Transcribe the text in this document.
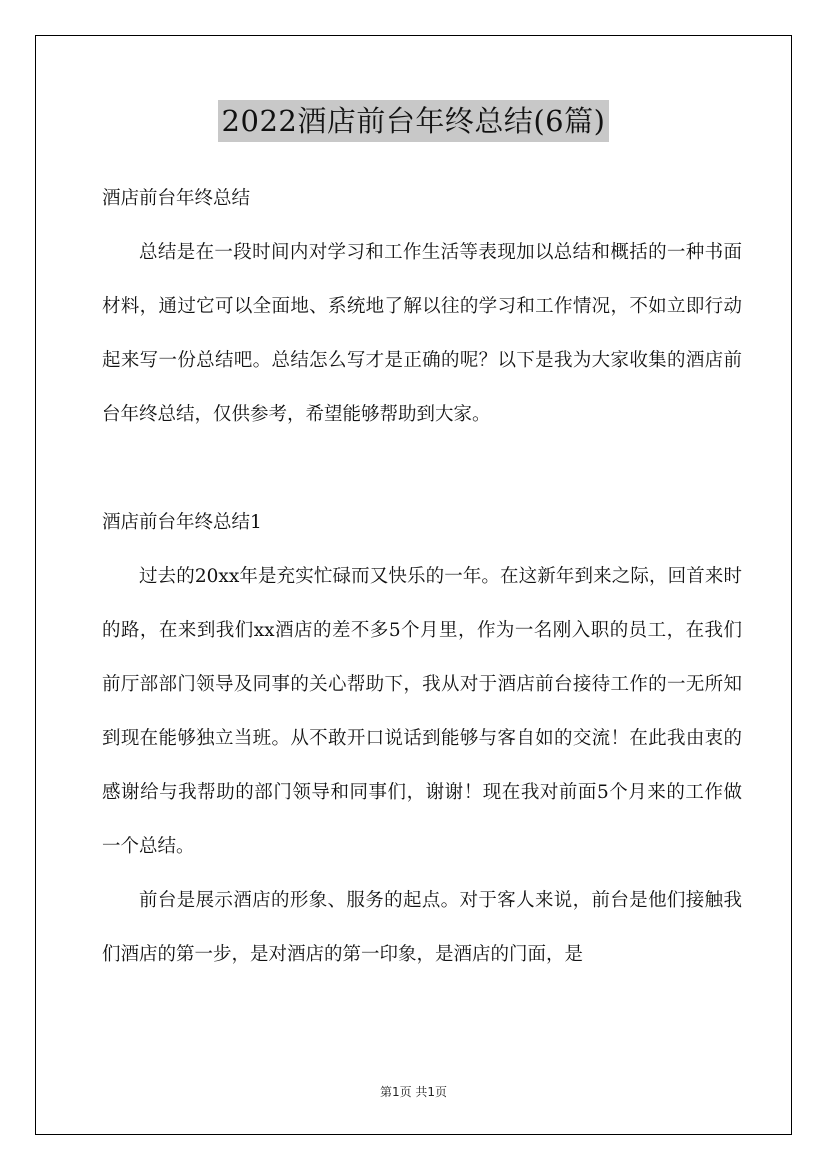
2022酒店前台年终总结(6篇)

酒店前台年终总结

总结是在一段时间内对学习和工作生活等表现加以总结和概括的一种书面材料，通过它可以全面地、系统地了解以往的学习和工作情况，不如立即行动起来写一份总结吧。总结怎么写才是正确的呢？以下是我为大家收集的酒店前台年终总结，仅供参考，希望能够帮助到大家。

酒店前台年终总结1

过去的20xx年是充实忙碌而又快乐的一年。在这新年到来之际，回首来时的路，在来到我们xx酒店的差不多5个月里，作为一名刚入职的员工，在我们前厅部部门领导及同事的关心帮助下，我从对于酒店前台接待工作的一无所知到现在能够独立当班。从不敢开口说话到能够与客自如的交流！在此我由衷的感谢给与我帮助的部门领导和同事们，谢谢！现在我对前面5个月来的工作做一个总结。

前台是展示酒店的形象、服务的起点。对于客人来说，前台是他们接触我们酒店的第一步，是对酒店的第一印象，是酒店的门面，是

第1页 共1页
